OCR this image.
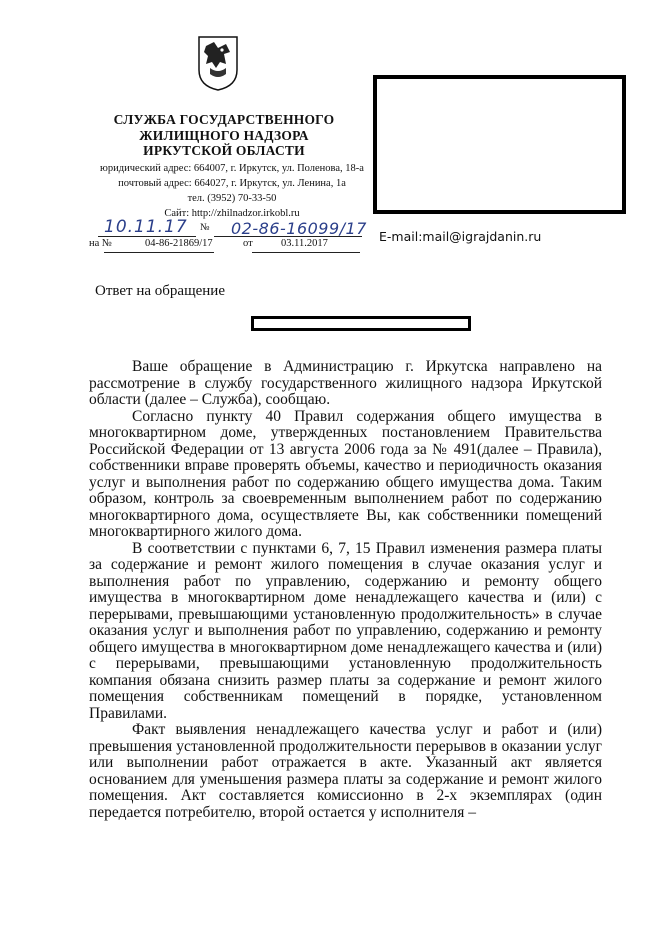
СЛУЖБА ГОСУДАРСТВЕННОГО
ЖИЛИЩНОГО НАДЗОРА
ИРКУТСКОЙ ОБЛАСТИ
юридический адрес: 664007, г. Иркутск, ул. Поленова, 18-а
почтовый адрес: 664027, г. Иркутск, ул. Ленина, 1а
тел. (3952) 70-33-50
Сайт: http://zhilnadzor.irkobl.ru
10.11.17 № 02-86-16099/17
на №	04-86-21869/17	от	03.11.2017	E-mail:mail@igrajdanin.ru
Ответ на обращение

Ваше обращение в Администрацию г. Иркутска направлено на рассмотрение в службу государственного жилищного надзора Иркутской области (далее – Служба), сообщаю.

Согласно пункту 40 Правил содержания общего имущества в многоквартирном доме, утвержденных постановлением Правительства Российской Федерации от 13 августа 2006 года за № 491(далее – Правила), собственники вправе проверять объемы, качество и периодичность оказания услуг и выполнения работ по содержанию общего имущества дома. Таким образом, контроль за своевременным выполнением работ по содержанию многоквартирного дома, осуществляете Вы, как собственники помещений многоквартирного жилого дома.

В соответствии с пунктами 6, 7, 15 Правил изменения размера платы за содержание и ремонт жилого помещения в случае оказания услуг и выполнения работ по управлению, содержанию и ремонту общего имущества в многоквартирном доме ненадлежащего качества и (или) с перерывами, превышающими установленную продолжительность» в случае оказания услуг и выполнения работ по управлению, содержанию и ремонту общего имущества в многоквартирном доме ненадлежащего качества и (или) с перерывами, превышающими установленную продолжительность компания обязана снизить размер платы за содержание и ремонт жилого помещения собственникам помещений в порядке, установленном Правилами.

Факт выявления ненадлежащего качества услуг и работ и (или) превышения установленной продолжительности перерывов в оказании услуг или выполнении работ отражается в акте. Указанный акт является основанием для уменьшения размера платы за содержание и ремонт жилого помещения. Акт составляется комиссионно в 2-х экземплярах (один передается потребителю, второй остается у исполнителя –
